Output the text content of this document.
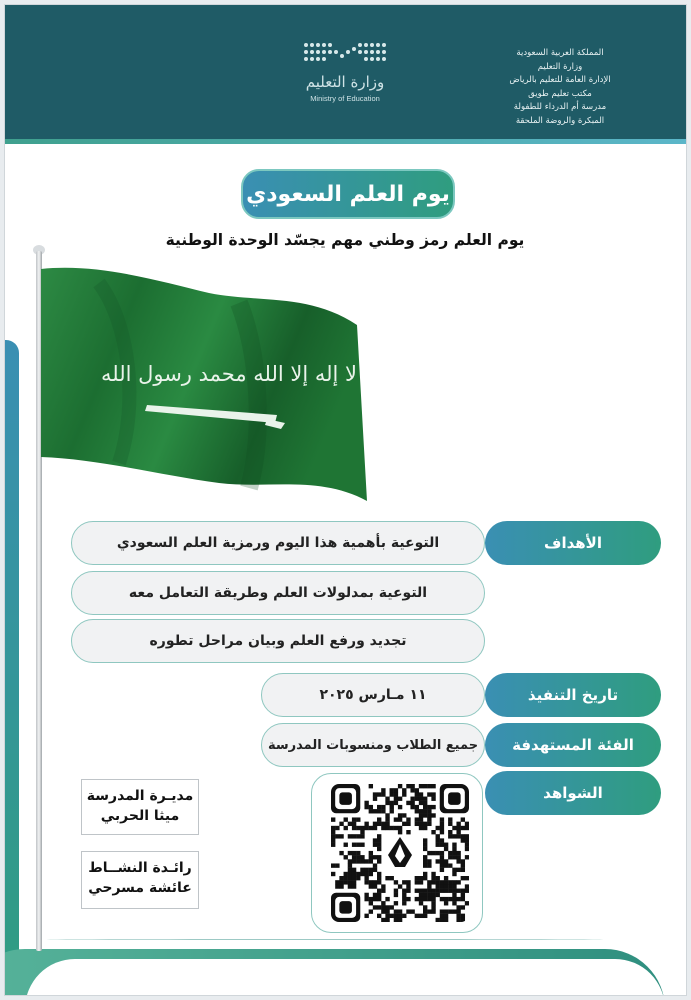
وزارة التعليم
Ministry of Education
المملكة العربية السعودية
وزارة التعليم
الإدارة العامة للتعليم بالرياض
مكتب تعليم طويق
مدرسة أم الدرداء للطفولة
المبكرة والروضة الملحقة
يوم العلم السعودي
يوم العلم رمز وطني مهم يجسّد الوحدة الوطنية
لا إله إلا الله محمد رسول الله
الأهداف
التوعية بأهمية هذا اليوم ورمزية العلم السعودي
التوعية بمدلولات العلم وطريقة التعامل معه
تجديد ورفع العلم وبيان مراحل تطوره
تاريخ التنفيذ
١١ مـارس ٢٠٢٥
الفئة المستهدفة
جميع الطلاب ومنسوبات المدرسة
الشواهد
مديـرة المدرسة
ميثا الحربي
رائـدة النشــاط
عائشة مسرحي
